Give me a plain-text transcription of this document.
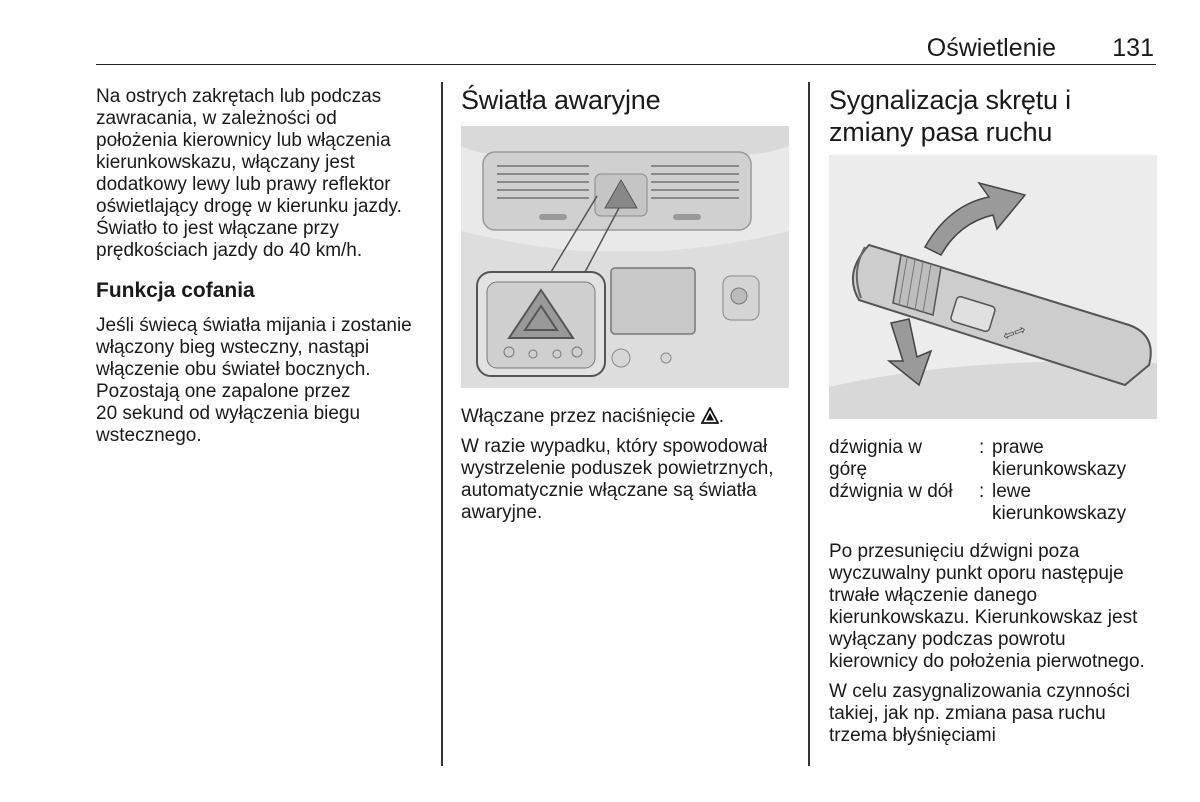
Oświetlenie 131

Na ostrych zakrętach lub podczas
zawracania, w zależności od
położenia kierownicy lub włączenia
kierunkowskazu, włączany jest
dodatkowy lewy lub prawy reflektor
oświetlający drogę w kierunku jazdy.
Światło to jest włączane przy
prędkościach jazdy do 40 km/h.

Funkcja cofania

Jeśli świecą światła mijania i zostanie
włączony bieg wsteczny, nastąpi
włączenie obu świateł bocznych.
Pozostają one zapalone przez
20 sekund od wyłączenia biegu
wstecznego.

Światła awaryjne

Włączane przez naciśnięcie .

W razie wypadku, który spowodował
wystrzelenie poduszek powietrznych,
automatycznie włączane są światła
awaryjne.

Sygnalizacja skrętu i
zmiany pasa ruchu
⇦⇨
dźwignia w
górę
: prawe
kierunkowskazy
dźwignia w dół : lewe
kierunkowskazy

Po przesunięciu dźwigni poza
wyczuwalny punkt oporu następuje
trwałe włączenie danego
kierunkowskazu. Kierunkowskaz jest
wyłączany podczas powrotu
kierownicy do położenia pierwotnego.

W celu zasygnalizowania czynności
takiej, jak np. zmiana pasa ruchu
trzema błyśnięciami
